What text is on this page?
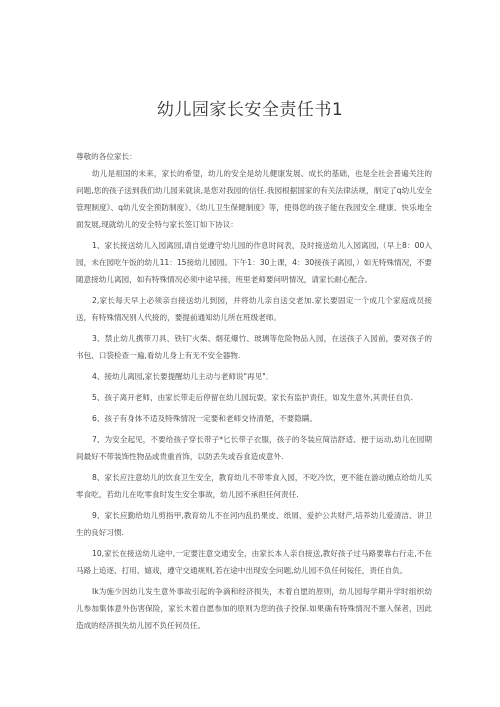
幼儿园家长安全责任书1

尊敬的各位家长：

幼儿是祖国的未来，家长的希望，幼儿的安全是幼儿健康发展、成长的基础，也是全社会普遍关注的问题,您的孩子送到我们幼儿园来就读,是您对我园的信任.我园根据国家的有关法律法规，制定了q幼儿安全管理制度》、q幼儿安全预防制度》、《幼儿卫生保健制度》等，使得您的孩子能在我园安全.健康、快乐地全面发展,现就幼儿的安全特与家长签订如下协议：

1、家长接送幼儿入园离园,请自觉遵守幼儿园的作息时间表，及时接送幼儿入园离园,（早上8：00入园，未在园吃午饭的幼儿11：15接幼儿园园。下午1：30上课，4：30接孩子离园，）如无特殊情况，不要随意接幼儿离园，如有特殊情况必须中途早接，班里老师要问明情况，请家长耐心配合。

2,家长每天早上必须亲自接送幼儿到园，并将幼儿亲自送交老加.家长要固定一个成几个家庭成员接送，有特殊情况别人代接的，要提前通知幼儿所在班级老师。

3、禁止幼儿携带刀具、铁钉'火柴、烟花爆竹、玻璃等危险物品入园，在送孩子入园前，要对孩子的书包、口袋检查一遍,看幼儿身上有无不安全器物.

4、接幼儿离园,家长要提醒幼儿主动与老师说"再见"．

5、孩子离开老师，由家长带走后停留在幼儿园玩耍，家长有监护责任，如发生意外,其责任自负.

6、孩子有身体不适及特殊情况一定要和老师交待清楚，不要隐瞒。

7、为安全起见，不要给孩子穿长带子*匕长带子衣服，孩子的冬装应简洁舒适、便于运动,幼儿在园期间最好不带装饰性物品或贵重首饰，以防丢失或吞食造成意外.

8、家长应注意幼儿的饮食卫生安全，教育幼儿不带零食入园，不吃冷饮，更不能在游动摊点给幼儿买零食吃，若幼儿在吃零食时发生安全事故，幼儿园不承担任何责任.

9、家长应勤给幼儿剪指甲,教育幼儿不在河内乱扔果皮、纸屑、爱护公共财产,培养幼儿爱清洁、讲卫生的良好习惯.

10,家长在接送幼儿途中,一定要注意交通安全，由家长本人亲自接送,教好孩子过马路要靠右行走,不在马路上追逐、打用、嬉戏，遵守交通规则,若在途中出现安全问题,幼儿园不负任何佞任，责任自负。

Ik为施少因幼儿发生意外事故引起的争滴和经济损失，木着自愿的原则，幼儿园每学期升学时组织幼儿参加集体意外伤害保险，家长木着自愿参加的原则为您的孩子投保.如果确有特殊情况不塞入保者，因此造成的经济损失幼儿园不负任何员任。
